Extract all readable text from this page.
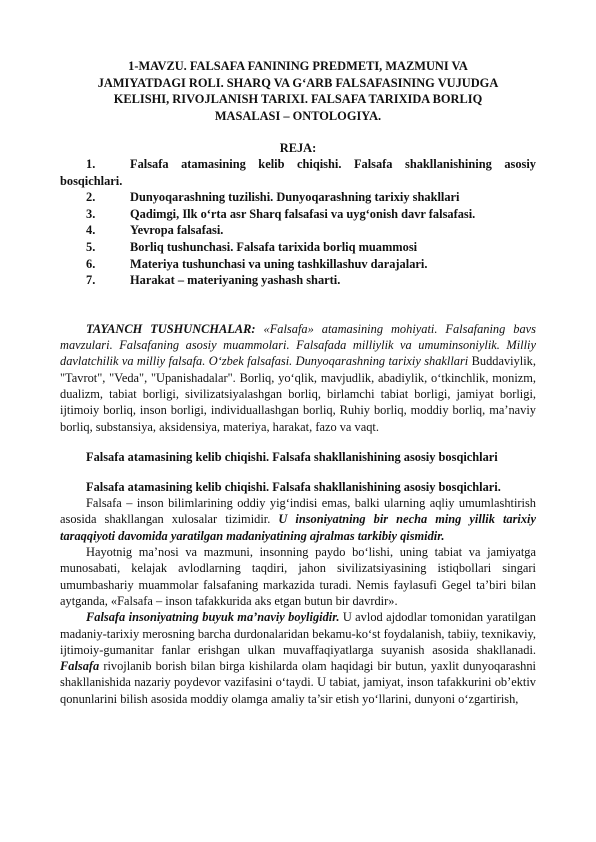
1-MAVZU. FALSAFA FANINING PREDMETI, MAZMUNI VA
JAMIYATDAGI ROLI. SHARQ VA G‘ARB FALSAFASINING VUJUDGA
KELISHI, RIVOJLANISH TARIXI. FALSAFA TARIXIDA BORLIQ
MASALASI – ONTOLOGIYA.

REJA:

1.	Falsafa atamasining kelib chiqishi. Falsafa shakllanishining asosiy bosqichlari.
2.	Dunyoqarashning tuzilishi. Dunyoqarashning tarixiy shakllari
3.	Qadimgi, Ilk o‘rta asr Sharq falsafasi va uyg‘onish davr falsafasi.
4.	Yevropa falsafasi.
5.	Borliq tushunchasi. Falsafa tarixida borliq muammosi
6.	Materiya tushunchasi va uning tashkillashuv darajalari.
7.	Harakat – materiyaning yashash sharti.

TAYANCH TUSHUNCHALAR: «Falsafa» atamasining mohiyati. Falsafaning bavs mavzulari. Falsafaning asosiy muammolari. Falsafada milliylik va umuminsoniylik. Milliy davlatchilik va milliy falsafa. O‘zbek falsafasi. Dunyoqarashning tarixiy shakllari Buddaviylik, "Tavrot", "Veda", "Upanishadalar". Borliq, yo‘qlik, mavjudlik, abadiylik, o‘tkinchlik, monizm, dualizm, tabiat borligi, sivilizatsiyalashgan borliq, birlamchi tabiat borligi, jamiyat borligi, ijtimoiy borliq, inson borligi, individuallashgan borliq, Ruhiy borliq, moddiy borliq, ma’naviy borliq, substansiya, aksidensiya, materiya, harakat, fazo va vaqt.

Falsafa atamasining kelib chiqishi. Falsafa shakllanishining asosiy bosqichlari

Falsafa atamasining kelib chiqishi. Falsafa shakllanishining asosiy bosqichlari.

Falsafa – inson bilimlarining oddiy yig‘indisi emas, balki ularning aqliy umumlashtirish asosida shakllangan xulosalar tizimidir. U insoniyatning bir necha ming yillik tarixiy taraqqiyoti davomida yaratilgan madaniyatining ajralmas tarkibiy qismidir.

Hayotnig ma’nosi va mazmuni, insonning paydo bo‘lishi, uning tabiat va jamiyatga munosabati, kelajak avlodlarning taqdiri, jahon sivilizatsiyasining istiqbollari singari umumbashariy muammolar falsafaning markazida turadi. Nemis faylasufi Gegel ta’biri bilan aytganda, «Falsafa – inson tafakkurida aks etgan butun bir davrdir».

Falsafa insoniyatning buyuk ma’naviy boyligidir. U avlod ajdodlar tomonidan yaratilgan madaniy-tarixiy merosning barcha durdonalaridan bekamu-ko‘st foydalanish, tabiiy, texnikaviy, ijtimoiy-gumanitar fanlar erishgan ulkan muvaffaqiyatlarga suyanish asosida shakllanadi. Falsafa rivojlanib borish bilan birga kishilarda olam haqidagi bir butun, yaxlit dunyoqarashni shakllanishida nazariy poydevor vazifasini o‘taydi. U tabiat, jamiyat, inson tafakkurini ob’ektiv qonunlarini bilish asosida moddiy olamga amaliy ta’sir etish yo‘llarini, dunyoni o‘zgartirish,
